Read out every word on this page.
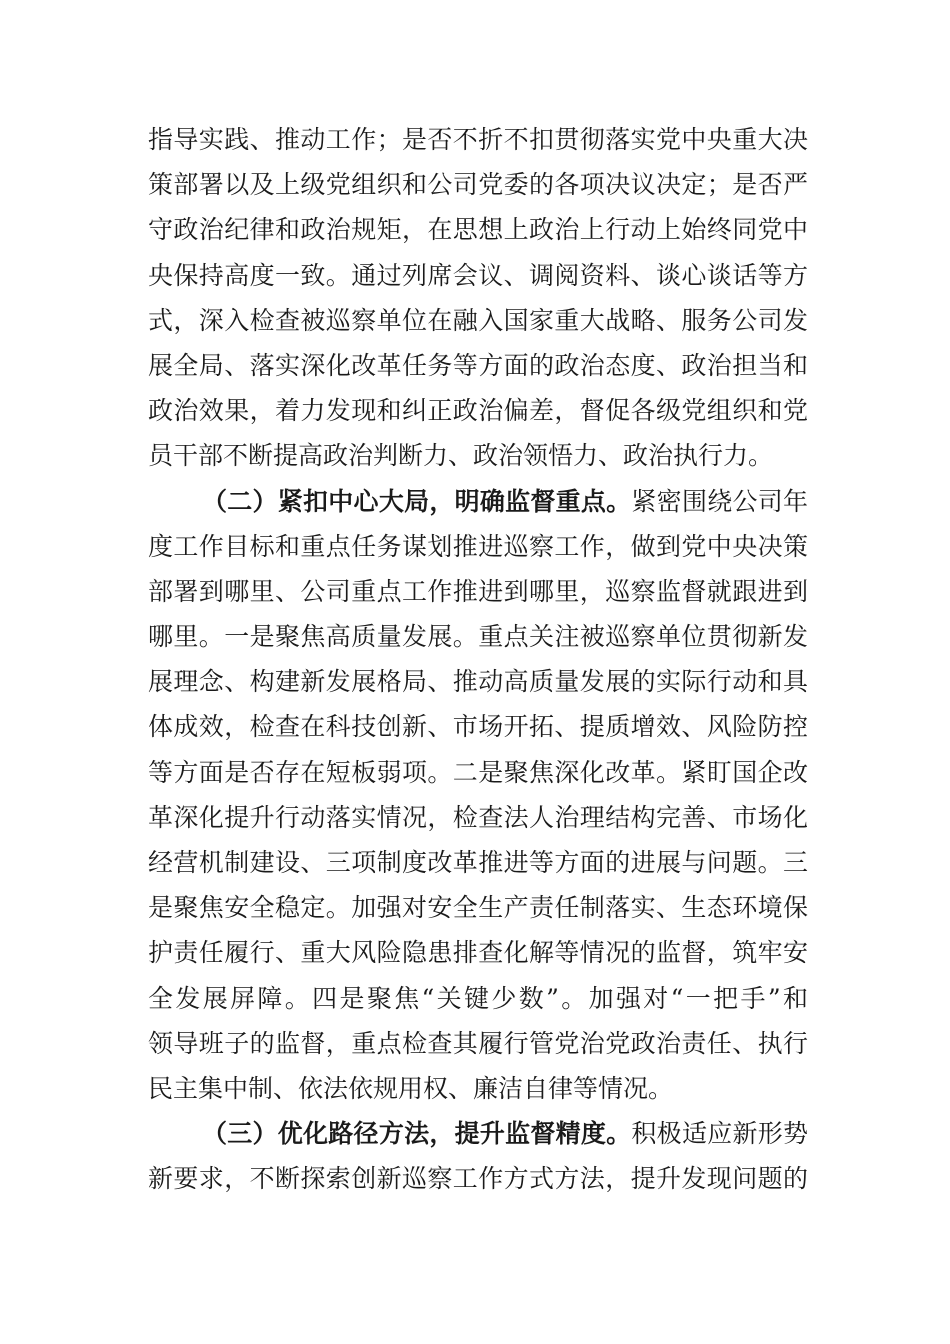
指导实践、推动工作；是否不折不扣贯彻落实党中央重大决
策部署以及上级党组织和公司党委的各项决议决定；是否严
守政治纪律和政治规矩，在思想上政治上行动上始终同党中
央保持高度一致。通过列席会议、调阅资料、谈心谈话等方
式，深入检查被巡察单位在融入国家重大战略、服务公司发
展全局、落实深化改革任务等方面的政治态度、政治担当和
政治效果，着力发现和纠正政治偏差，督促各级党组织和党
员干部不断提高政治判断力、政治领悟力、政治执行力。
（二）紧扣中心大局，明确监督重点。紧密围绕公司年
度工作目标和重点任务谋划推进巡察工作，做到党中央决策
部署到哪里、公司重点工作推进到哪里，巡察监督就跟进到
哪里。一是聚焦高质量发展。重点关注被巡察单位贯彻新发
展理念、构建新发展格局、推动高质量发展的实际行动和具
体成效，检查在科技创新、市场开拓、提质增效、风险防控
等方面是否存在短板弱项。二是聚焦深化改革。紧盯国企改
革深化提升行动落实情况，检查法人治理结构完善、市场化
经营机制建设、三项制度改革推进等方面的进展与问题。三
是聚焦安全稳定。加强对安全生产责任制落实、生态环境保
护责任履行、重大风险隐患排查化解等情况的监督，筑牢安
全发展屏障。四是聚焦“关键少数”。加强对“一把手”和
领导班子的监督，重点检查其履行管党治党政治责任、执行
民主集中制、依法依规用权、廉洁自律等情况。
（三）优化路径方法，提升监督精度。积极适应新形势
新要求，不断探索创新巡察工作方式方法，提升发现问题的
